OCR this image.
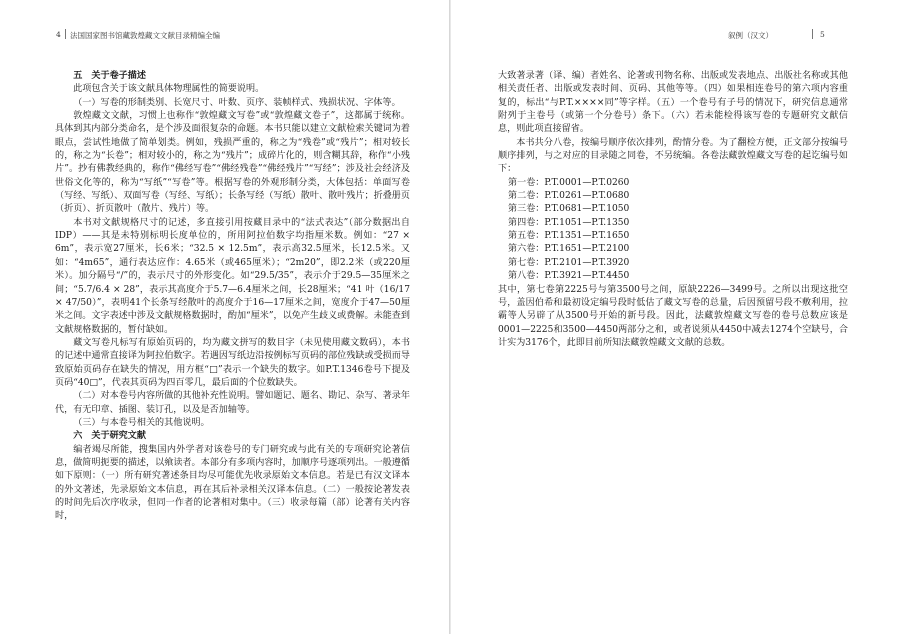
4 法国国家图书馆藏敦煌藏文文献目录精编全编

五　关于卷子描述

此项包含关于该文献具体物理属性的简要说明。

（一）写卷的形制类别、长宽尺寸、叶数、页序、装帧样式、残损状况、字体等。

敦煌藏文文献，习惯上也称作“敦煌藏文写卷”或“敦煌藏文卷子”，这都属于统称。具体到其内部分类命名，是个涉及面很复杂的命题。本书只能以建立文献检索关键词为着眼点，尝试性地做了简单划类。例如，残损严重的，称之为“残卷”或“残片”；相对较长的，称之为“长卷”；相对较小的，称之为“残片”；成碎片化的，则含糊其辞，称作“小残片”。抄有佛教经典的，称作“佛经写卷”“佛经残卷”“佛经残片”“写经”；涉及社会经济及世俗文化等的，称为“写纸”“写卷”等。根据写卷的外观形制分类，大体包括：单面写卷（写经、写纸）、双面写卷（写经、写纸）；长条写经（写纸）散叶、散叶残片；折叠册页（折页）、折页散叶（散片、残片）等。

本书对文献规格尺寸的记述，多直接引用按藏目录中的“法式表达”（部分数据出自IDP）——其是未特别标明长度单位的，所用阿拉伯数字均指厘米数。例如：“27 × 6m”，表示宽27厘米，长6米；“32.5 × 12.5m”，表示高32.5厘米，长12.5米。又如：“4m65”，通行表达应作：4.65米（或465厘米）；“2m20”，即2.2米（或220厘米）。加分隔号“/”的，表示尺寸的外形变化。如“29.5/35”，表示介于29.5—35厘米之间；“5.7/6.4 × 28”，表示其高度介于5.7—6.4厘米之间，长28厘米；“41 叶（16/17 × 47/50）”，表明41个长条写经散叶的高度介于16—17厘米之间，宽度介于47—50厘米之间。文字表述中涉及文献规格数据时，酌加“厘米”，以免产生歧义或费解。未能查到文献规格数据的，暂付缺如。

藏文写卷凡标写有原始页码的，均为藏文拼写的数目字（未见使用藏文数码），本书的记述中通常直接译为阿拉伯数字。若遇因写纸边沿按例标写页码的部位残缺或受损而导致原始页码存在缺失的情况，用方框“□”表示一个缺失的数字。如P.T.1346卷号下提及页码“40□”，代表其页码为四百零几，最后面的个位数缺失。

（二）对本卷号内容所做的其他补充性说明。譬如题记、题名、勘记、杂写、著录年代，有无印章、插图、装订孔，以及是否加轴等。

（三）与本卷号相关的其他说明。

六　关于研究文献

编者竭尽所能，搜集国内外学者对该卷号的专门研究或与此有关的专项研究论著信息，做简明扼要的描述，以飨读者。本部分有多项内容时，加顺序号逐项列出。一般遵循如下原则：（一）所有研究著述条目均尽可能优先收录原始文本信息。若是已有汉文译本的外文著述，先录原始文本信息，再在其后补录相关汉译本信息。（二）一般按论著发表的时间先后次序收录，但同一作者的论著相对集中。（三）收录每篇（部）论著有关内容时，

叙例（汉文）	5

大致著录著（译、编）者姓名、论著或刊物名称、出版或发表地点、出版社名称或其他相关责任者、出版或发表时间、页码、其他等等。（四）如果相连卷号的第六项内容重复的，标出“与P.T.××××同”等字样。（五）一个卷号有子号的情况下，研究信息通常附列于主卷号（或第一个分卷号）条下。（六）若未能检得该写卷的专题研究文献信息，则此项直接留省。

本书共分八卷，按编号顺序依次排列，酌情分卷。为了翻检方便，正文部分按编号顺序排列，与之对应的目录随之同卷，不另统编。各卷法藏敦煌藏文写卷的起讫编号如下：

第一卷：P.T.0001—P.T.0260
第二卷：P.T.0261—P.T.0680
第三卷：P.T.0681—P.T.1050
第四卷：P.T.1051—P.T.1350
第五卷：P.T.1351—P.T.1650
第六卷：P.T.1651—P.T.2100
第七卷：P.T.2101—P.T.3920
第八卷：P.T.3921—P.T.4450

其中，第七卷第2225号与第3500号之间，原缺2226—3499号。之所以出现这批空号，盖因伯希和最初设定编号段时低估了藏文写卷的总量，后因预留号段不敷利用，拉霸等人另辟了从3500号开始的新号段。因此，法藏敦煌藏文写卷的卷号总数应该是0001—2225和3500—4450两部分之和，或者说须从4450中减去1274个空缺号，合计实为3176个，此即目前所知法藏敦煌藏文文献的总数。
